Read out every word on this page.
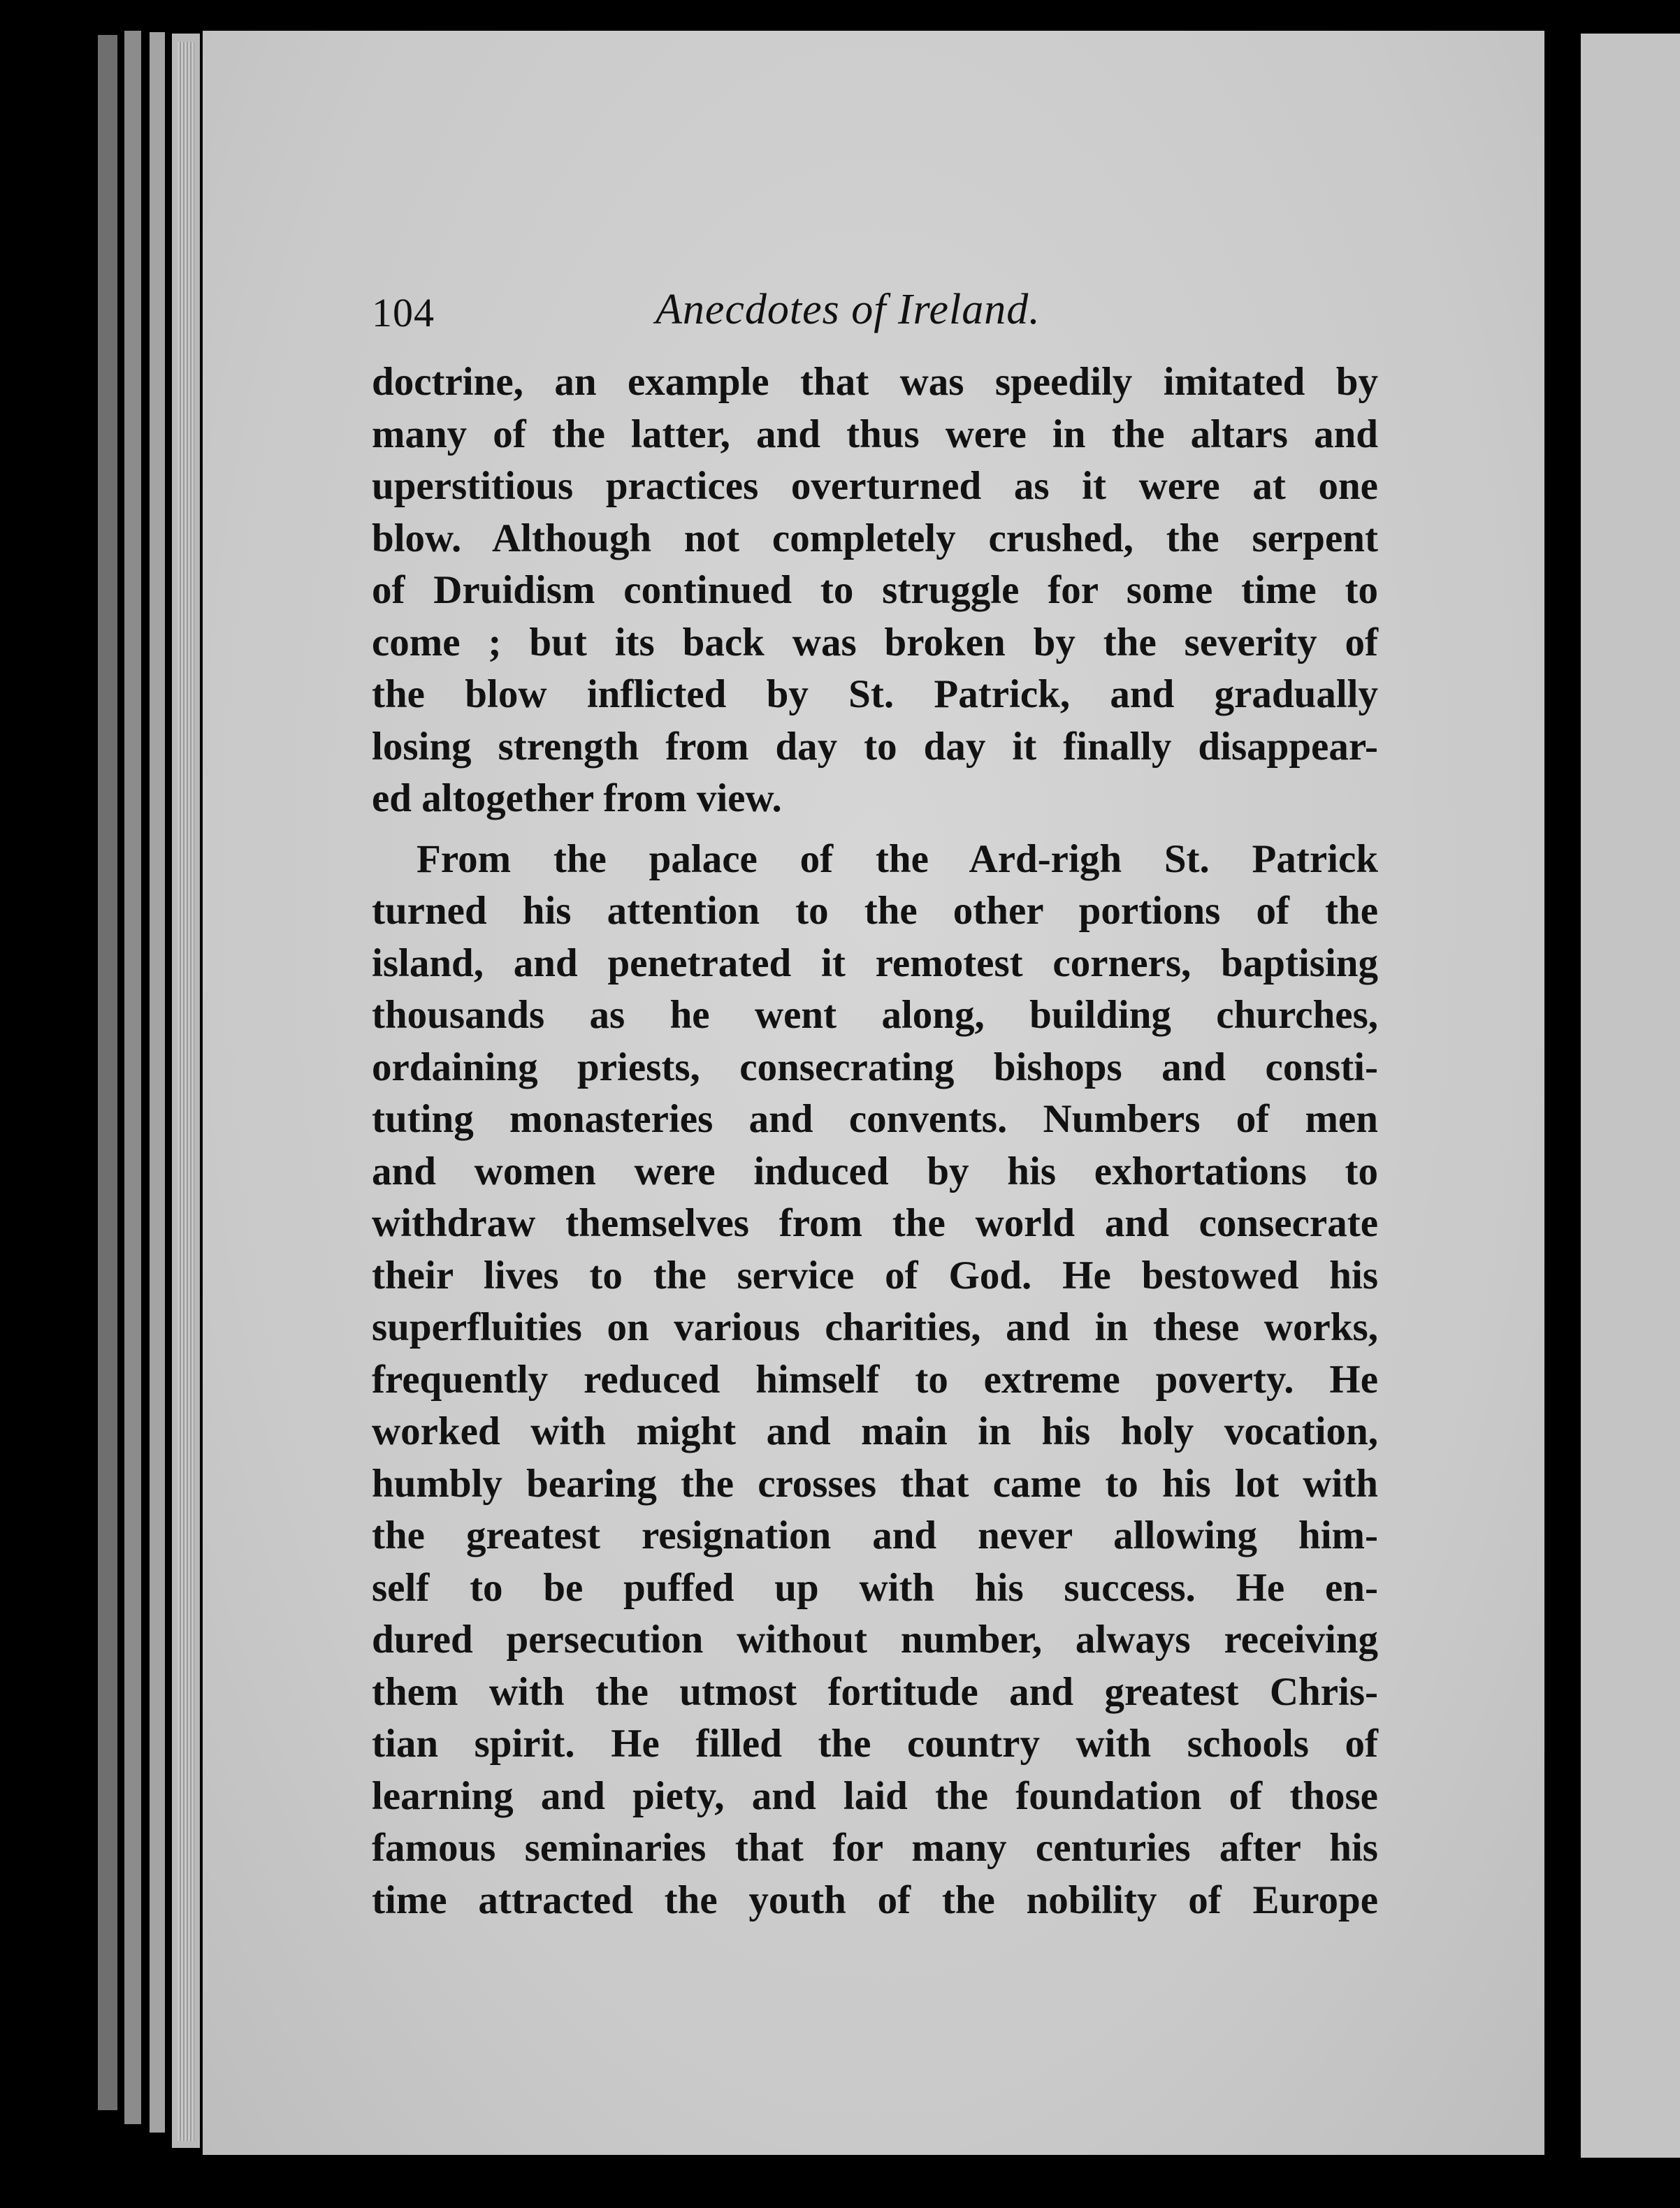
104	Anecdotes of Ireland.
doctrine, an example that was speedily imitated by
many of the latter, and thus were in the altars and
uperstitious practices overturned as it were at one
blow. Although not completely crushed, the serpent
of Druidism continued to struggle for some time to
come ; but its back was broken by the severity of
the blow inflicted by St. Patrick, and gradually
losing strength from day to day it finally disappear-
ed altogether from view.
From the palace of the Ard-righ St. Patrick
turned his attention to the other portions of the
island, and penetrated it remotest corners, baptising
thousands as he went along, building churches,
ordaining priests, consecrating bishops and consti-
tuting monasteries and convents. Numbers of men
and women were induced by his exhortations to
withdraw themselves from the world and consecrate
their lives to the service of God. He bestowed his
superfluities on various charities, and in these works,
frequently reduced himself to extreme poverty. He
worked with might and main in his holy vocation,
humbly bearing the crosses that came to his lot with
the greatest resignation and never allowing him-
self to be puffed up with his success. He en-
dured persecution without number, always receiving
them with the utmost fortitude and greatest Chris-
tian spirit. He filled the country with schools of
learning and piety, and laid the foundation of those
famous seminaries that for many centuries after his
time attracted the youth of the nobility of Europe
